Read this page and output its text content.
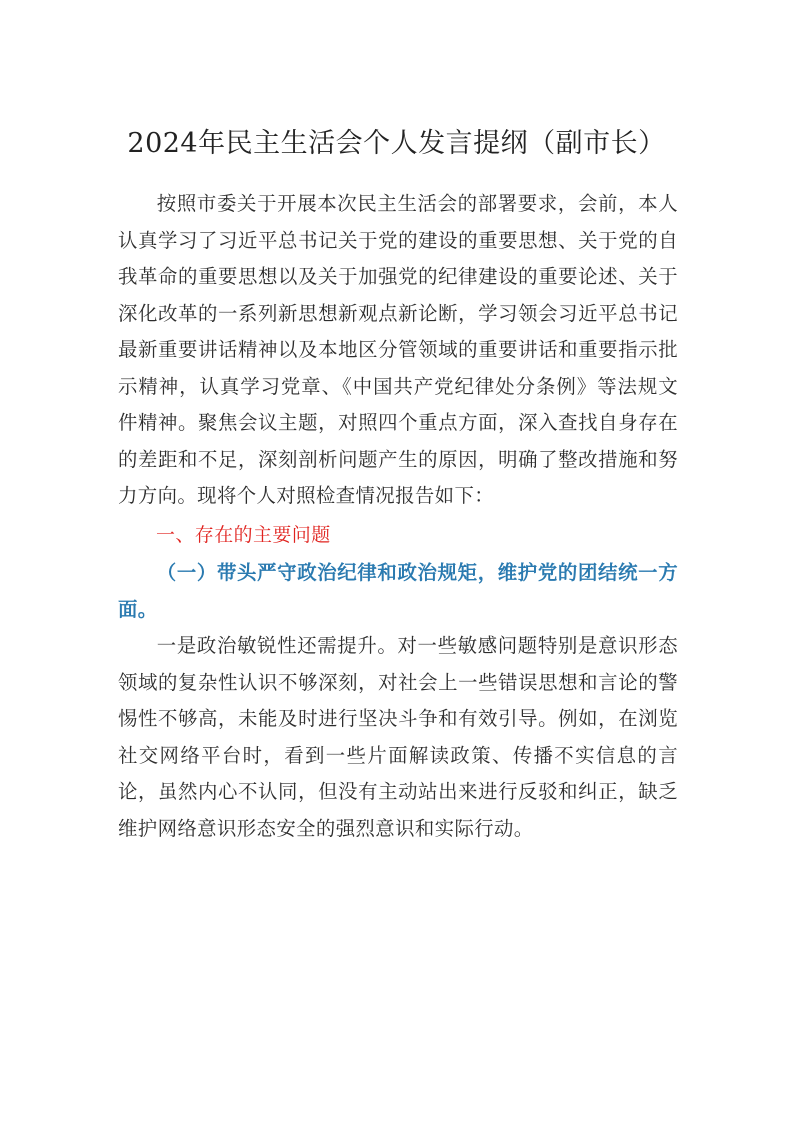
2024年民主生活会个人发言提纲（副市长）

按照市委关于开展本次民主生活会的部署要求，会前，本人认真学习了习近平总书记关于党的建设的重要思想、关于党的自我革命的重要思想以及关于加强党的纪律建设的重要论述、关于深化改革的一系列新思想新观点新论断，学习领会习近平总书记最新重要讲话精神以及本地区分管领域的重要讲话和重要指示批示精神，认真学习党章、《中国共产党纪律处分条例》等法规文件精神。聚焦会议主题，对照四个重点方面，深入查找自身存在的差距和不足，深刻剖析问题产生的原因，明确了整改措施和努力方向。现将个人对照检查情况报告如下：

一、存在的主要问题

（一）带头严守政治纪律和政治规矩，维护党的团结统一方面。

一是政治敏锐性还需提升。对一些敏感问题特别是意识形态领域的复杂性认识不够深刻，对社会上一些错误思想和言论的警惕性不够高，未能及时进行坚决斗争和有效引导。例如，在浏览社交网络平台时，看到一些片面解读政策、传播不实信息的言论，虽然内心不认同，但没有主动站出来进行反驳和纠正，缺乏维护网络意识形态安全的强烈意识和实际行动。
